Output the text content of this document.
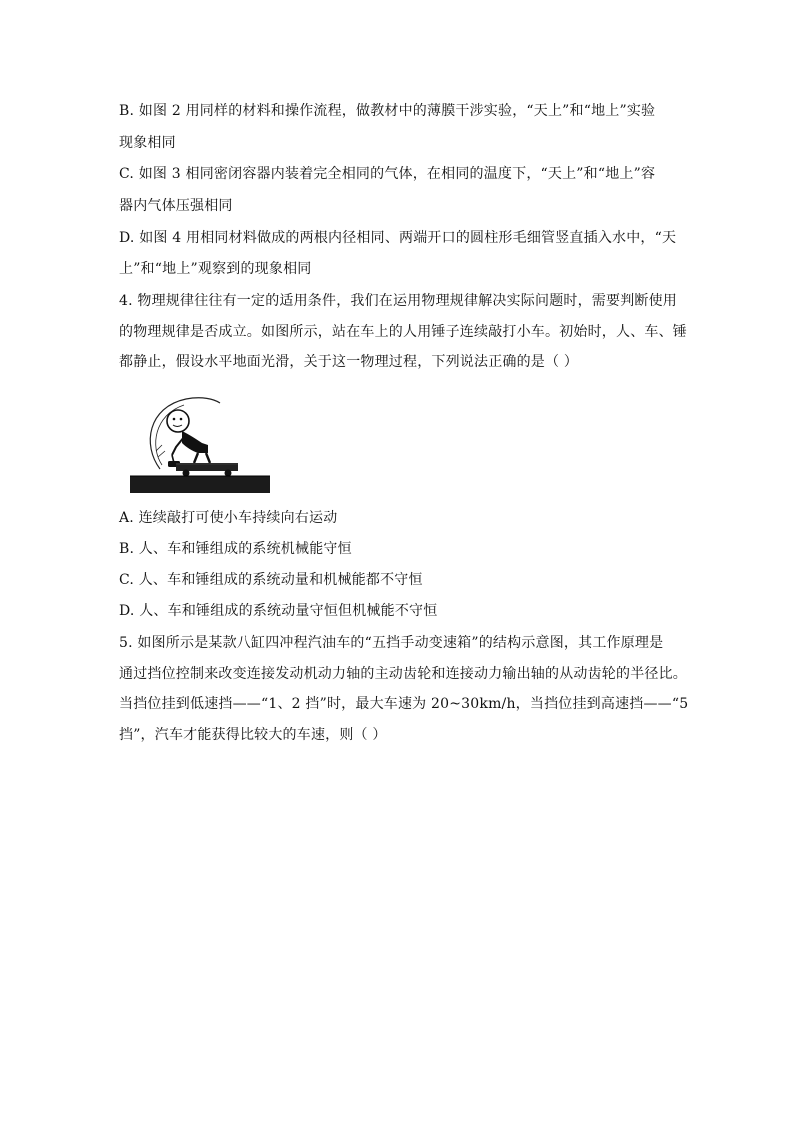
B. 如图 2 用同样的材料和操作流程，做教材中的薄膜干涉实验，“天上”和“地上”实验
现象相同
C. 如图 3 相同密闭容器内装着完全相同的气体，在相同的温度下，“天上”和“地上”容
器内气体压强相同
D. 如图 4 用相同材料做成的两根内径相同、两端开口的圆柱形毛细管竖直插入水中，“天
上”和“地上”观察到的现象相同
4. 物理规律往往有一定的适用条件，我们在运用物理规律解决实际问题时，需要判断使用
的物理规律是否成立。如图所示，站在车上的人用锤子连续敲打小车。初始时，人、车、锤
都静止，假设水平地面光滑，关于这一物理过程，下列说法正确的是（ ）
A. 连续敲打可使小车持续向右运动
B. 人、车和锤组成的系统机械能守恒
C. 人、车和锤组成的系统动量和机械能都不守恒
D. 人、车和锤组成的系统动量守恒但机械能不守恒
5. 如图所示是某款八缸四冲程汽油车的“五挡手动变速箱”的结构示意图，其工作原理是
通过挡位控制来改变连接发动机动力轴的主动齿轮和连接动力输出轴的从动齿轮的半径比。
当挡位挂到低速挡——“1、2 挡”时，最大车速为 20~30km/h，当挡位挂到高速挡——“5
挡”，汽车才能获得比较大的车速，则（ ）
